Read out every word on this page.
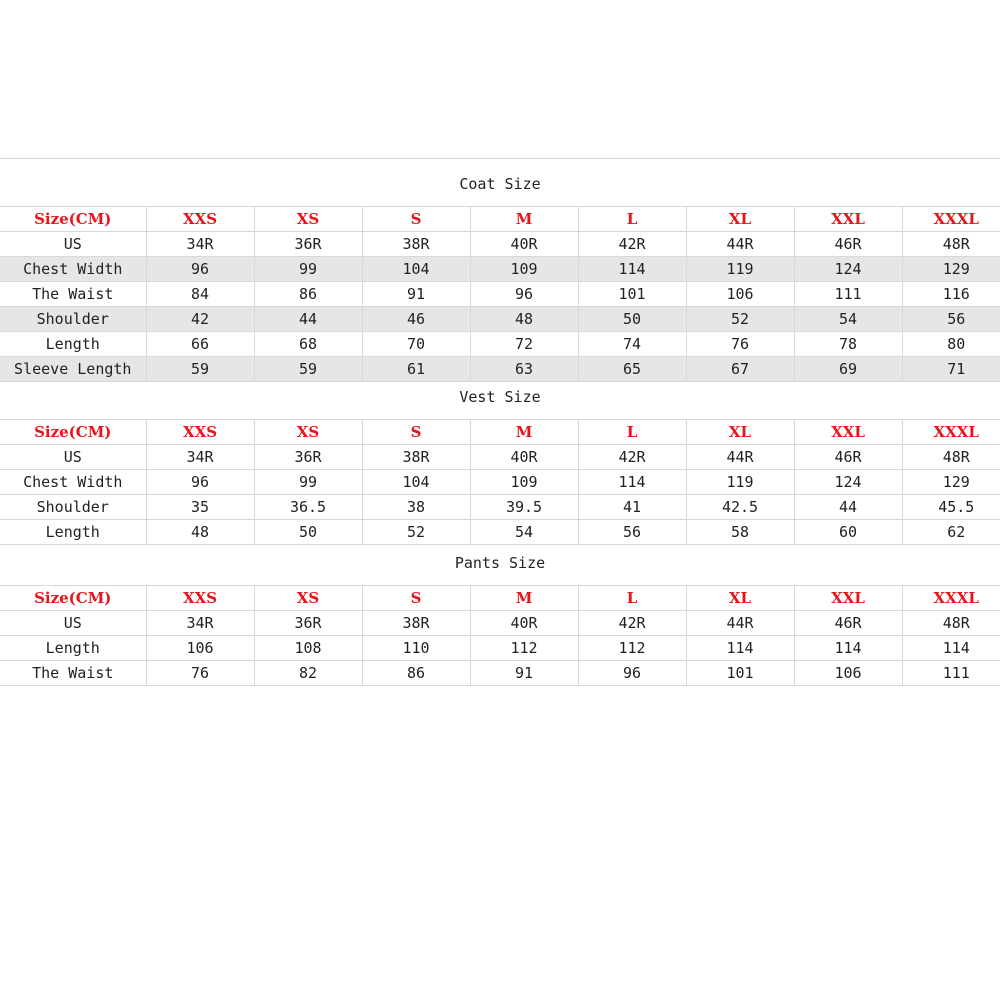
Coat Size
Size(CM)	XXS	XS	S	M	L	XL	XXL	XXXL
US	34R	36R	38R	40R	42R	44R	46R	48R
Chest Width	96	99	104	109	114	119	124	129
The Waist	84	86	91	96	101	106	111	116
Shoulder	42	44	46	48	50	52	54	56
Length	66	68	70	72	74	76	78	80
Sleeve Length	59	59	61	63	65	67	69	71
Vest Size
Size(CM)	XXS	XS	S	M	L	XL	XXL	XXXL
US	34R	36R	38R	40R	42R	44R	46R	48R
Chest Width	96	99	104	109	114	119	124	129
Shoulder	35	36.5	38	39.5	41	42.5	44	45.5
Length	48	50	52	54	56	58	60	62
Pants Size
Size(CM)	XXS	XS	S	M	L	XL	XXL	XXXL
US	34R	36R	38R	40R	42R	44R	46R	48R
Length	106	108	110	112	112	114	114	114
The Waist	76	82	86	91	96	101	106	111
